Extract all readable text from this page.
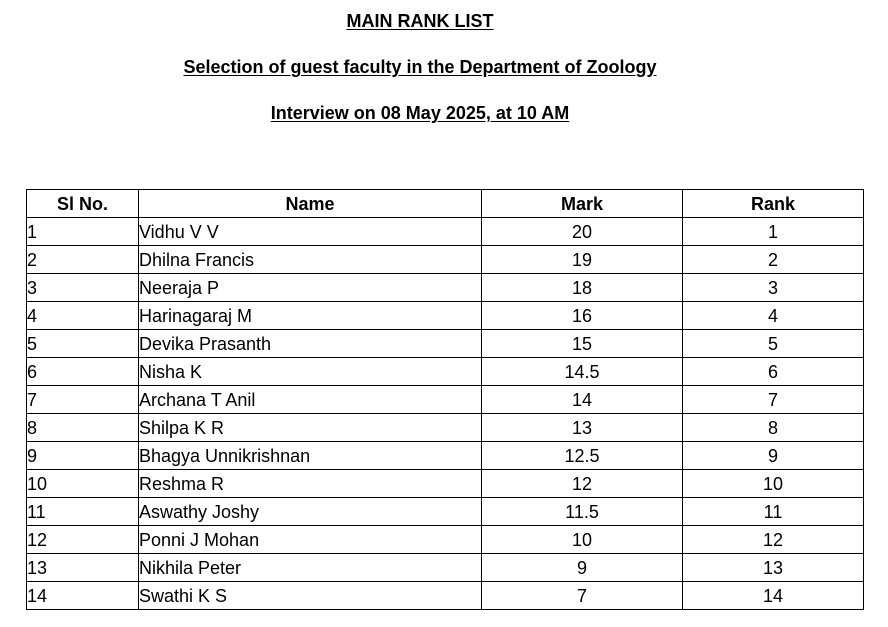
MAIN RANK LIST
Selection of guest faculty in the Department of Zoology
Interview on 08 May 2025, at 10 AM
Sl No.	Name	Mark	Rank
1	Vidhu V V	20	1
2	Dhilna Francis	19	2
3	Neeraja P	18	3
4	Harinagaraj M	16	4
5	Devika Prasanth	15	5
6	Nisha K	14.5	6
7	Archana T Anil	14	7
8	Shilpa K R	13	8
9	Bhagya Unnikrishnan	12.5	9
10	Reshma R	12	10
11	Aswathy Joshy	11.5	11
12	Ponni J Mohan	10	12
13	Nikhila Peter	9	13
14	Swathi K S	7	14
